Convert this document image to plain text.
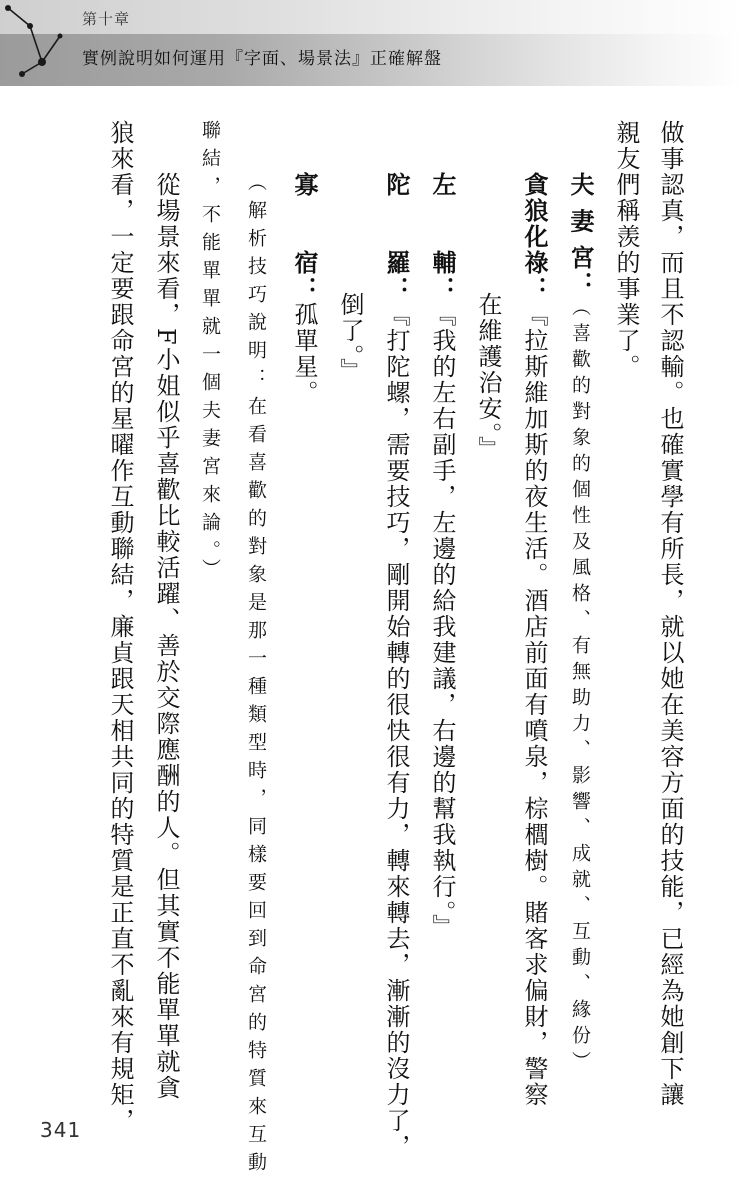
第十章
實例說明如何運用『字面、場景法』正確解盤
做事認真，而且不認輸。也確實學有所長，就以她在美容方面的技能，已經為她創下讓
親友們稱羡的事業了。
夫 妻 宮：（喜歡的對象的個性及風格、有無助力、影響、成就、互動、緣份）
貪狼化祿：『拉斯維加斯的夜生活。酒店前面有噴泉，棕櫚樹。賭客求偏財，警察
在維護治安。』
左　　輔：『我的左右副手，左邊的給我建議，右邊的幫我執行。』
陀　　羅：『打陀螺，需要技巧，剛開始轉的很快很有力，轉來轉去，漸漸的沒力了，
倒了。』
寡　　宿：孤單星。
（解析技巧說明：在看喜歡的對象是那一種類型時，同樣要回到命宮的特質來互動
聯結，不能單單就一個夫妻宮來論。）
從場景來看，F小姐似乎喜歡比較活躍、善於交際應酬的人。但其實不能單單就貪
狼來看，一定要跟命宮的星曜作互動聯結，廉貞跟天相共同的特質是正直不亂來有規矩，
341
